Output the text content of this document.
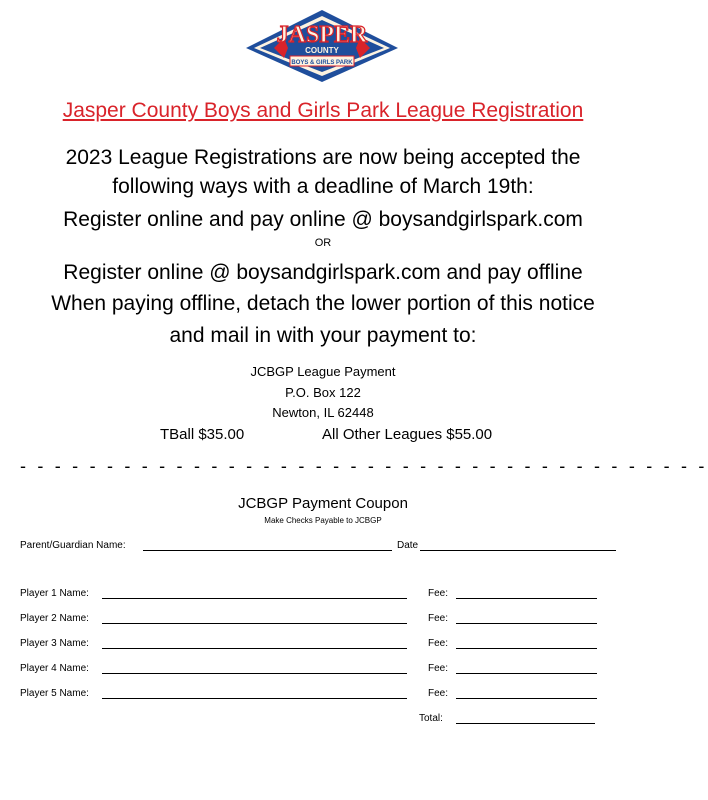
JASPER
COUNTY
BOYS & GIRLS PARK
Jasper County Boys and Girls Park League Registration
2023 League Registrations are now being accepted the
following ways with a deadline of March 19th:
Register online and pay online @ boysandgirlspark.com
OR
Register online @ boysandgirlspark.com and pay offline
When paying offline, detach the lower portion of this notice
and mail in with your payment to:
JCBGP League Payment
P.O. Box 122
Newton, IL 62448
TBall $35.00	All Other Leagues $55.00
- - - - - - - - - - - - - - - - - - - - - - - - - - - - - - - - - - - - - - - -
JCBGP Payment Coupon
Make Checks Payable to JCBGP
Parent/Guardian Name:	Date
Player 1 Name:	Fee:
Player 2 Name:	Fee:
Player 3 Name:	Fee:
Player 4 Name:	Fee:
Player 5 Name:	Fee:
Total:
